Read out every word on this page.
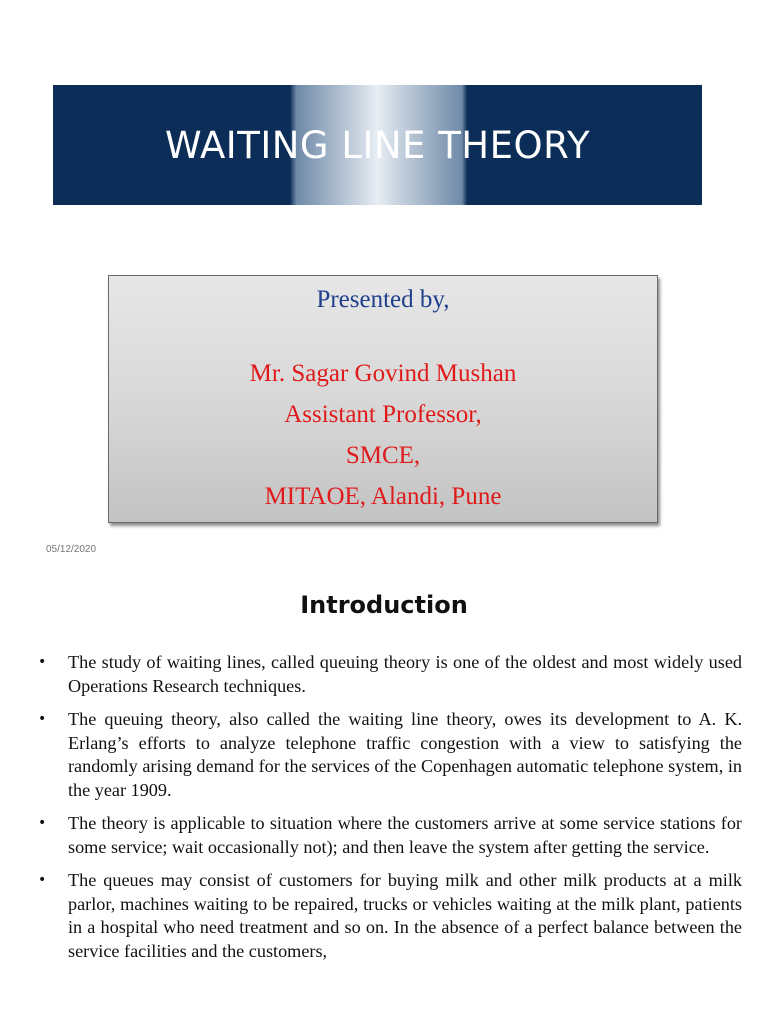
WAITING LINE THEORY
Presented by,
Mr. Sagar Govind Mushan
Assistant Professor,
SMCE,
MITAOE, Alandi, Pune
05/12/2020
Introduction
• The study of waiting lines, called queuing theory is one of the oldest and most widely used Operations Research techniques.
• The queuing theory, also called the waiting line theory, owes its development to A. K. Erlang’s efforts to analyze telephone traffic congestion with a view to satisfying the randomly arising demand for the services of the Copenhagen automatic telephone system, in the year 1909.
• The theory is applicable to situation where the customers arrive at some service stations for some service; wait occasionally not); and then leave the system after getting the service.
• The queues may consist of customers for buying milk and other milk products at a milk parlor, machines waiting to be repaired, trucks or vehicles waiting at the milk plant, patients in a hospital who need treatment and so on. In the absence of a perfect balance between the service facilities and the customers,
